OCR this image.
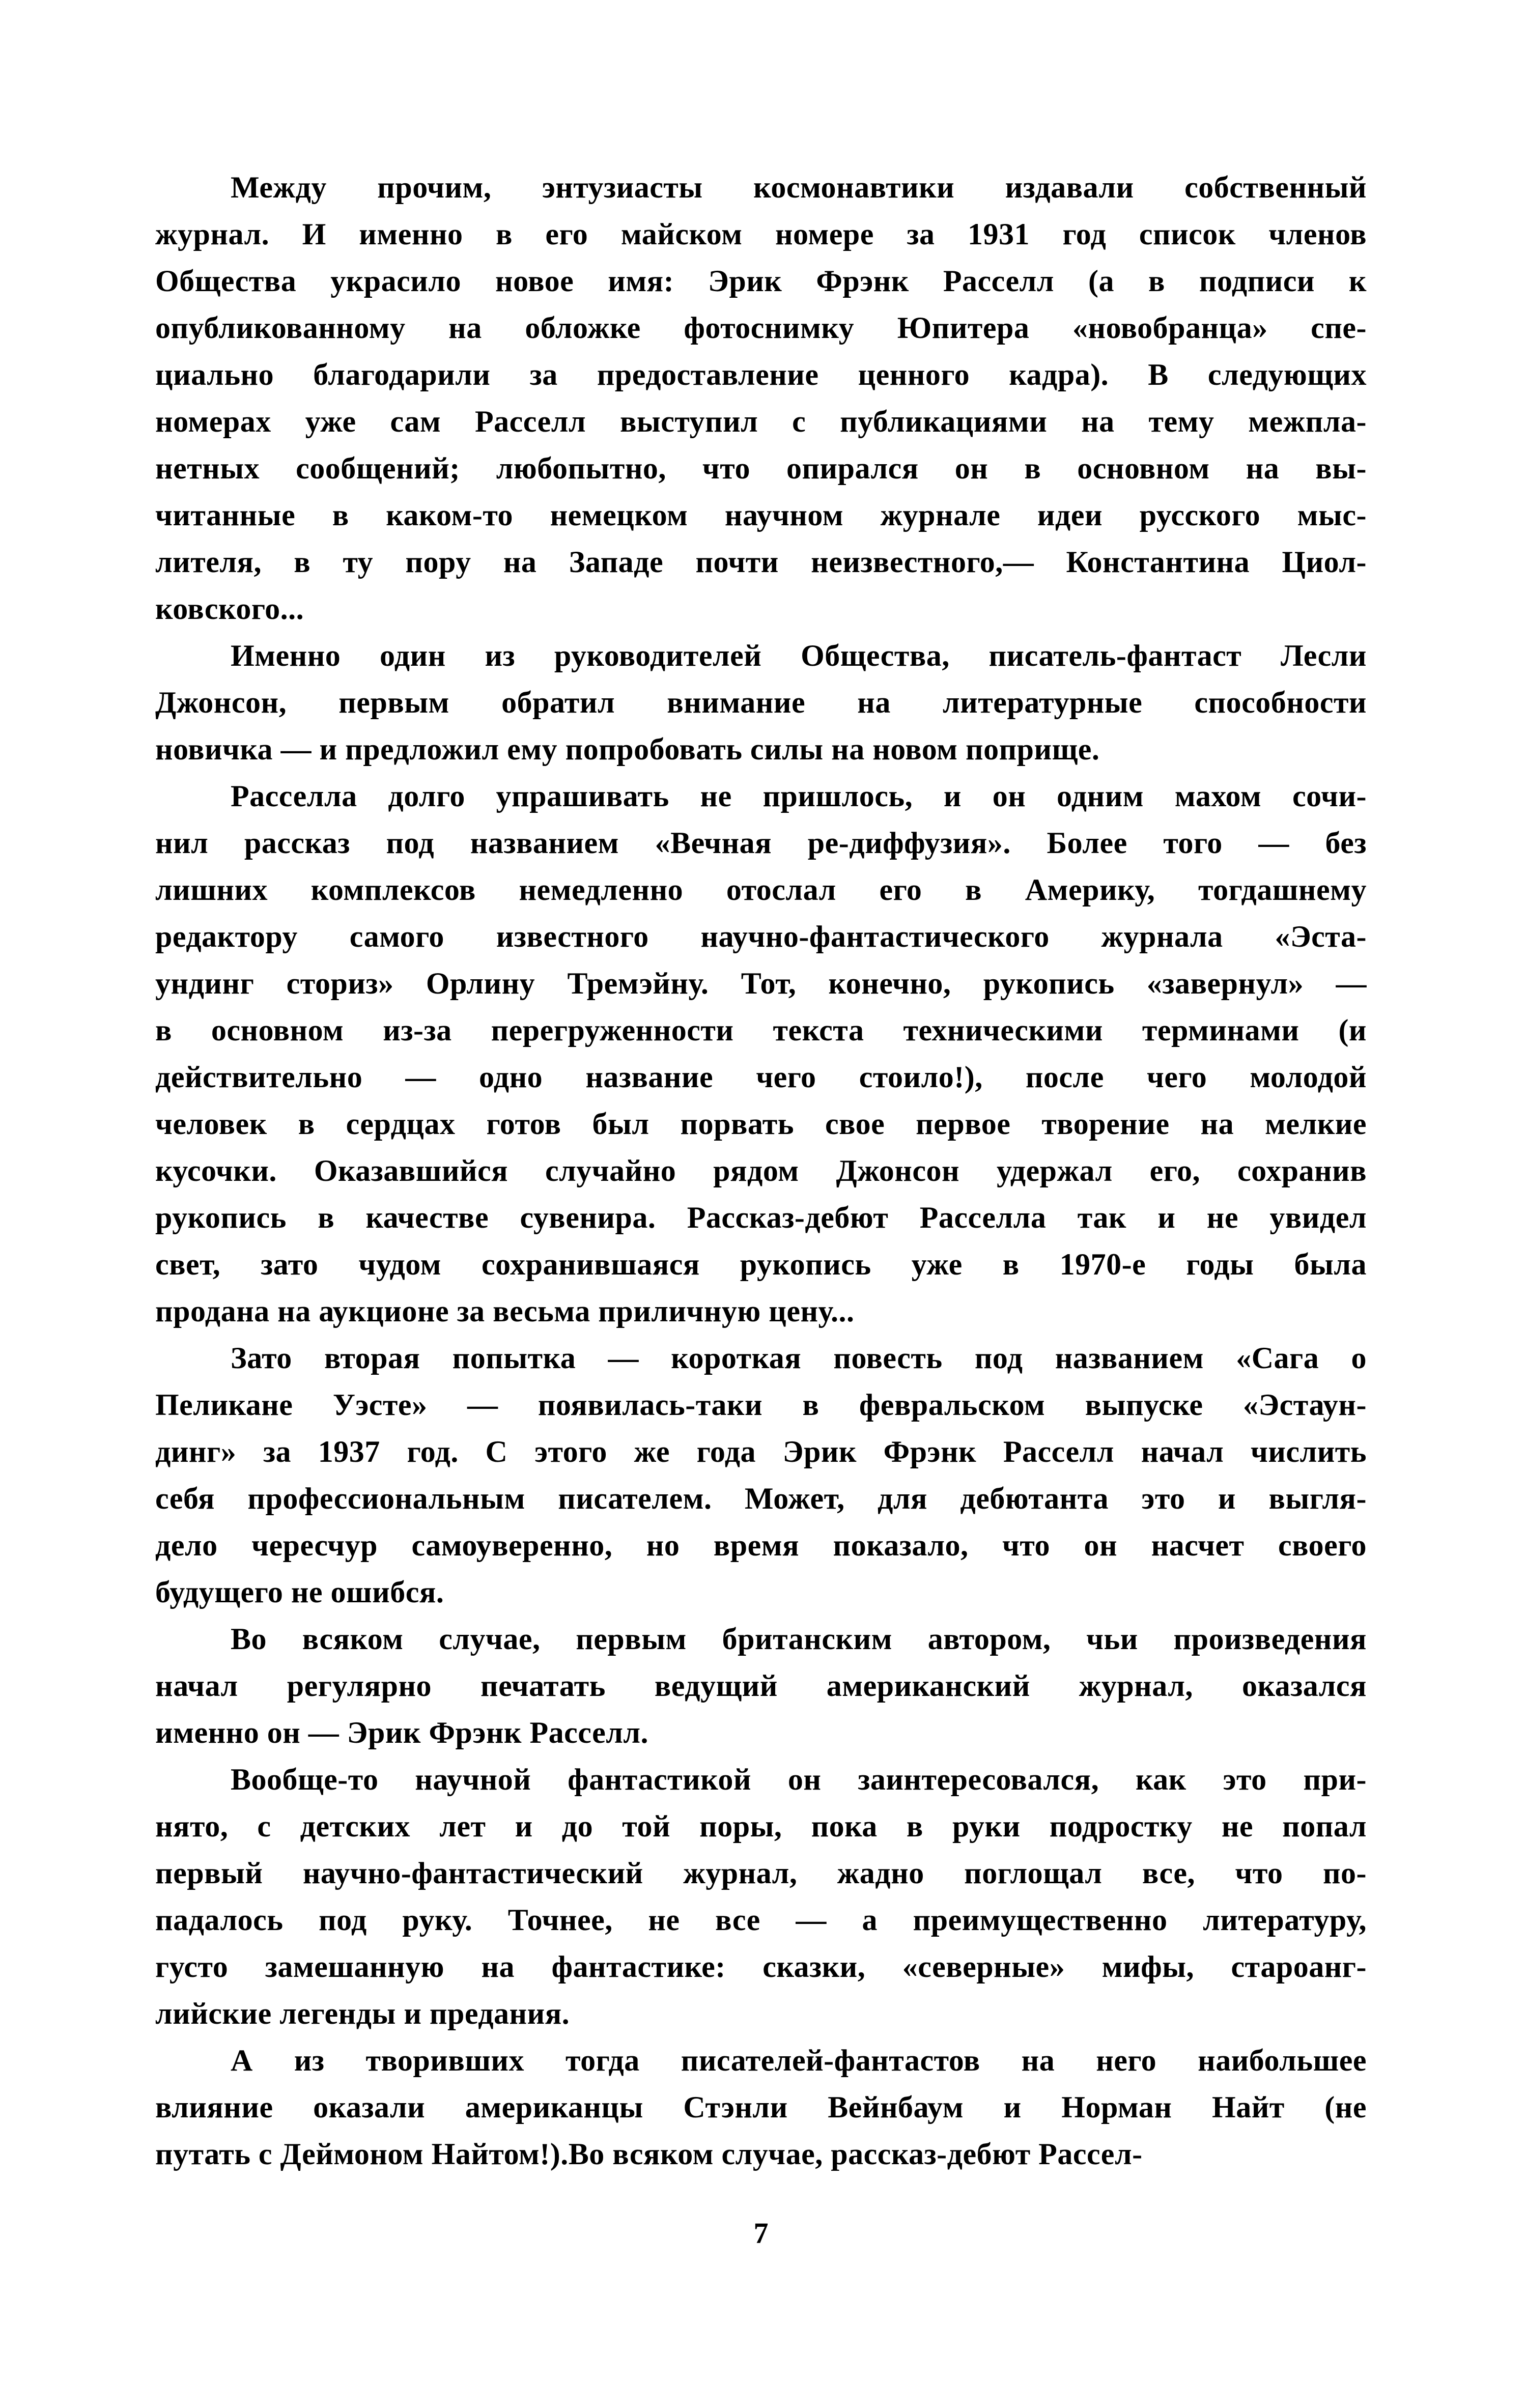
Между прочим, энтузиасты космонавтики издавали собственный
журнал. И именно в его майском номере за 1931 год список членов
Общества украсило новое имя: Эрик Фрэнк Расселл (а в подписи к
опубликованному на обложке фотоснимку Юпитера «новобранца» спе-
циально благодарили за предоставление ценного кадра). В следующих
номерах уже сам Расселл выступил с публикациями на тему межпла-
нетных сообщений; любопытно, что опирался он в основном на вы-
читанные в каком-то немецком научном журнале идеи русского мыс-
лителя, в ту пору на Западе почти неизвестного,— Константина Циол-
ковского...
Именно один из руководителей Общества, писатель-фантаст Лесли
Джонсон, первым обратил внимание на литературные способности
новичка — и предложил ему попробовать силы на новом поприще.
Расселла долго упрашивать не пришлось, и он одним махом сочи-
нил рассказ под названием «Вечная ре-диффузия». Более того — без
лишних комплексов немедленно отослал его в Америку, тогдашнему
редактору самого известного научно-фантастического журнала «Эста-
ундинг сториз» Орлину Тремэйну. Тот, конечно, рукопись «завернул» —
в основном из-за перегруженности текста техническими терминами (и
действительно — одно название чего стоило!), после чего молодой
человек в сердцах готов был порвать свое первое творение на мелкие
кусочки. Оказавшийся случайно рядом Джонсон удержал его, сохранив
рукопись в качестве сувенира. Рассказ-дебют Расселла так и не увидел
свет, зато чудом сохранившаяся рукопись уже в 1970-е годы была
продана на аукционе за весьма приличную цену...
Зато вторая попытка — короткая повесть под названием «Сага о
Пеликане Уэсте» — появилась-таки в февральском выпуске «Эстаун-
динг» за 1937 год. С этого же года Эрик Фрэнк Расселл начал числить
себя профессиональным писателем. Может, для дебютанта это и выгля-
дело чересчур самоуверенно, но время показало, что он насчет своего
будущего не ошибся.
Во всяком случае, первым британским автором, чьи произведения
начал регулярно печатать ведущий американский журнал, оказался
именно он — Эрик Фрэнк Расселл.
Вообще-то научной фантастикой он заинтересовался, как это при-
нято, с детских лет и до той поры, пока в руки подростку не попал
первый научно-фантастический журнал, жадно поглощал все, что по-
падалось под руку. Точнее, не все — а преимущественно литературу,
густо замешанную на фантастике: сказки, «северные» мифы, староанг-
лийские легенды и предания.
А из творивших тогда писателей-фантастов на него наибольшее
влияние оказали американцы Стэнли Вейнбаум и Норман Найт (не
путать с Деймоном Найтом!).Во всяком случае, рассказ-дебют Рассел-
7
